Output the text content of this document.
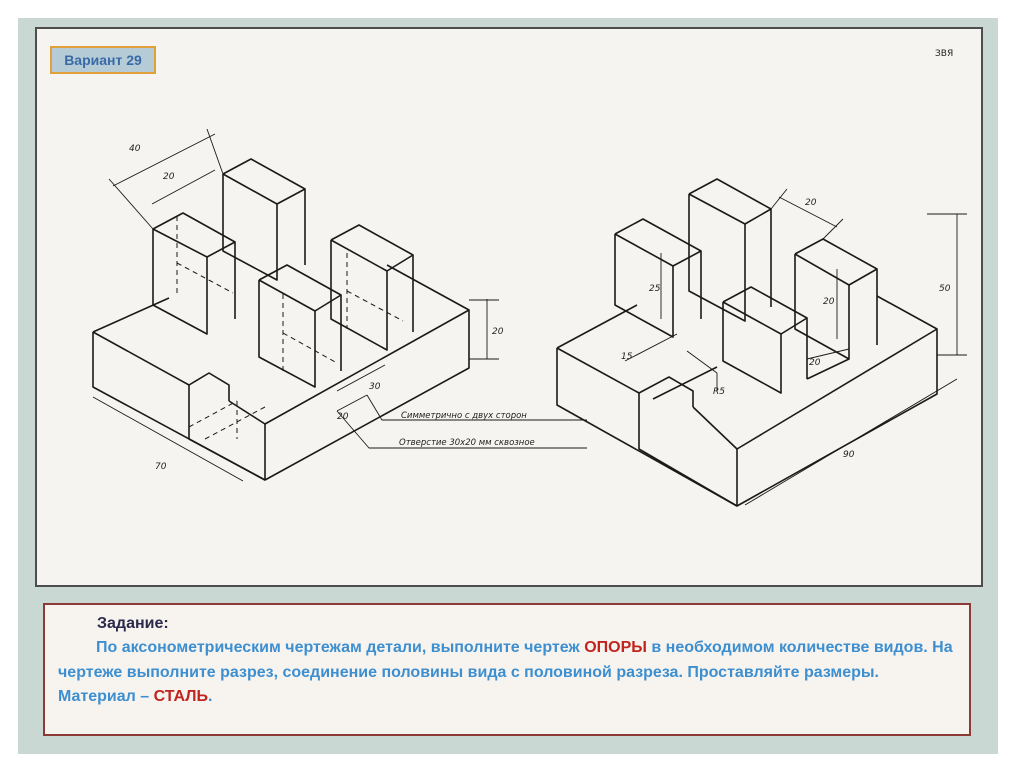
Вариант 29	ЗВЯ
40
20
20
30
20
70
Симметрично с двух сторон
Отверстие 30х20 мм сквозное
20
25
20
50
15
R5
20
90
Задание:
По аксонометрическим чертежам детали, выполните чертеж ОПОРЫ в необходимом количестве видов. На чертеже выполните разрез, соединение половины вида с половиной разреза. Проставляйте размеры. Материал – СТАЛЬ.
